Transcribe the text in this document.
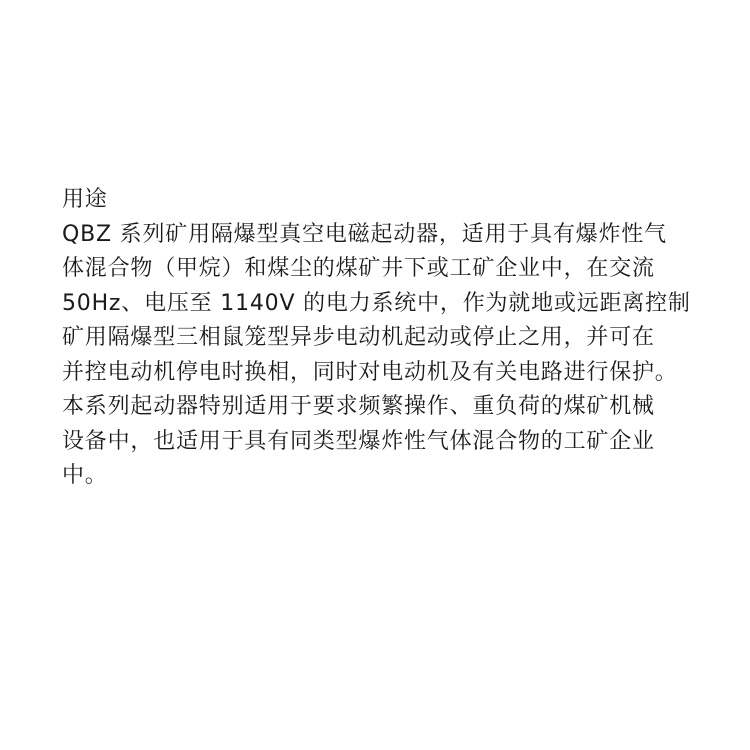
用途
QBZ 系列矿用隔爆型真空电磁起动器，适用于具有爆炸性气
体混合物（甲烷）和煤尘的煤矿井下或工矿企业中，在交流
50Hz、电压至 1140V 的电力系统中，作为就地或远距离控制
矿用隔爆型三相鼠笼型异步电动机起动或停止之用，并可在
并控电动机停电时换相，同时对电动机及有关电路进行保护。
本系列起动器特别适用于要求频繁操作、重负荷的煤矿机械
设备中，也适用于具有同类型爆炸性气体混合物的工矿企业
中。
